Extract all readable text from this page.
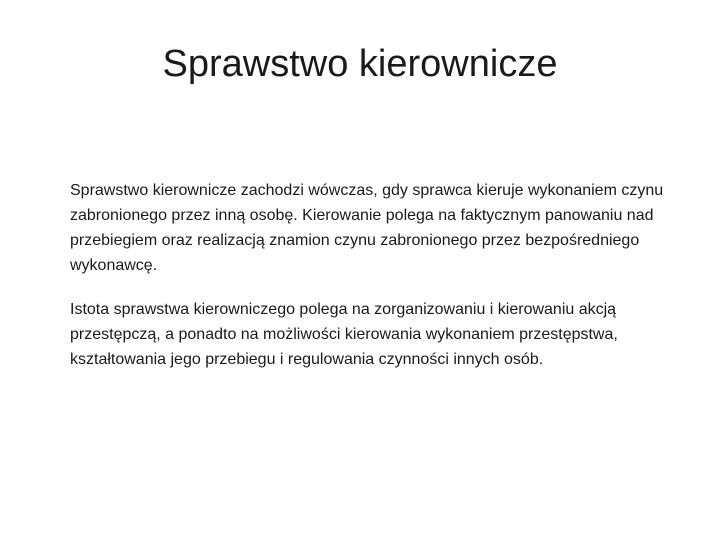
Sprawstwo kierownicze

Sprawstwo kierownicze zachodzi wówczas, gdy sprawca kieruje wykonaniem czynu zabronionego przez inną osobę. Kierowanie polega na faktycznym panowaniu nad przebiegiem oraz realizacją znamion czynu zabronionego przez bezpośredniego wykonawcę.

Istota sprawstwa kierowniczego polega na zorganizowaniu i kierowaniu akcją przestępczą, a ponadto na możliwości kierowania wykonaniem przestępstwa, kształtowania jego przebiegu i regulowania czynności innych osób.
